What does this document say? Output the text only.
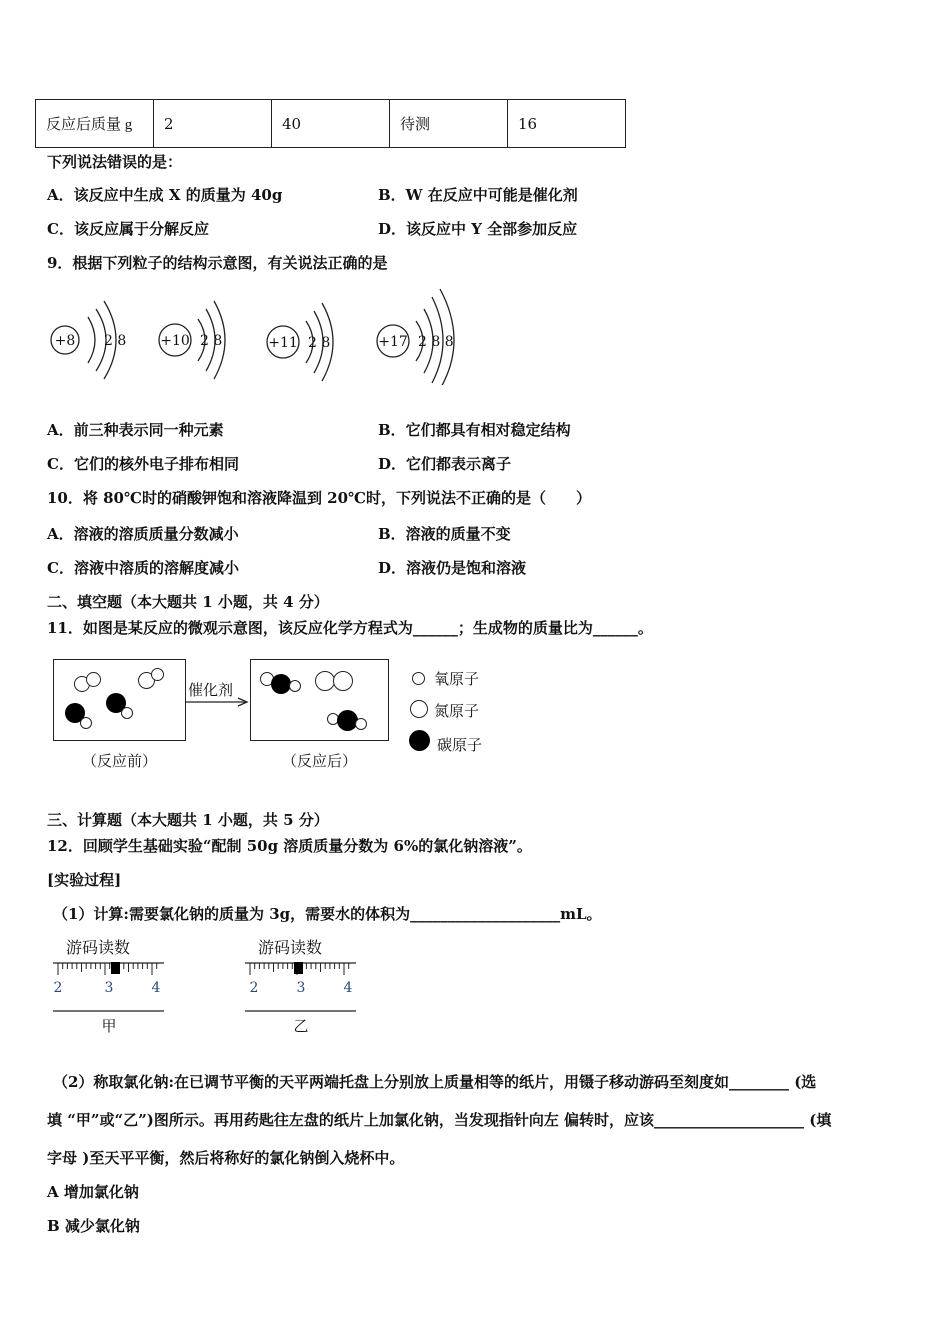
反应后质量 g	2	40	待测	16
下列说法错误的是：
A．该反应中生成 X 的质量为 40g	B．W 在反应中可能是催化剂
C．该反应属于分解反应	D．该反应中 Y 全部参加反应
9．根据下列粒子的结构示意图，有关说法正确的是
+8 2 8 +10 2 8	+11 2 8	+17 2 8 8
A．前三种表示同一种元素	B．它们都具有相对稳定结构
C．它们的核外电子排布相同	D．它们都表示离子
10．将 80℃时的硝酸钾饱和溶液降温到 20℃时，下列说法不正确的是（　　）
A．溶液的溶质质量分数减小	B．溶液的质量不变
C．溶液中溶质的溶解度减小	D．溶液仍是饱和溶液
二、填空题（本大题共 1 小题，共 4 分）
11．如图是某反应的微观示意图，该反应化学方程式为______；生成物的质量比为______。
催化剂
（反应前）	（反应后）
氧原子
氮原子
碳原子
三、计算题（本大题共 1 小题，共 5 分）
12．回顾学生基础实验“配制 50g 溶质质量分数为 6%的氯化钠溶液”。
[实验过程]
（1）计算:需要氯化钠的质量为 3g，需要水的体积为____________________mL。
游码读数	游码读数
2	3	4
甲
2	3	4
乙
（2）称取氯化钠:在已调节平衡的天平两端托盘上分别放上质量相等的纸片，用镊子移动游码至刻度如________ (选
填 “甲”或“乙”)图所示。再用药匙往左盘的纸片上加氯化钠，当发现指针向左 偏转时，应该____________________ (填
字母 )至天平平衡，然后将称好的氯化钠倒入烧杯中。
A 增加氯化钠
B 减少氯化钠
